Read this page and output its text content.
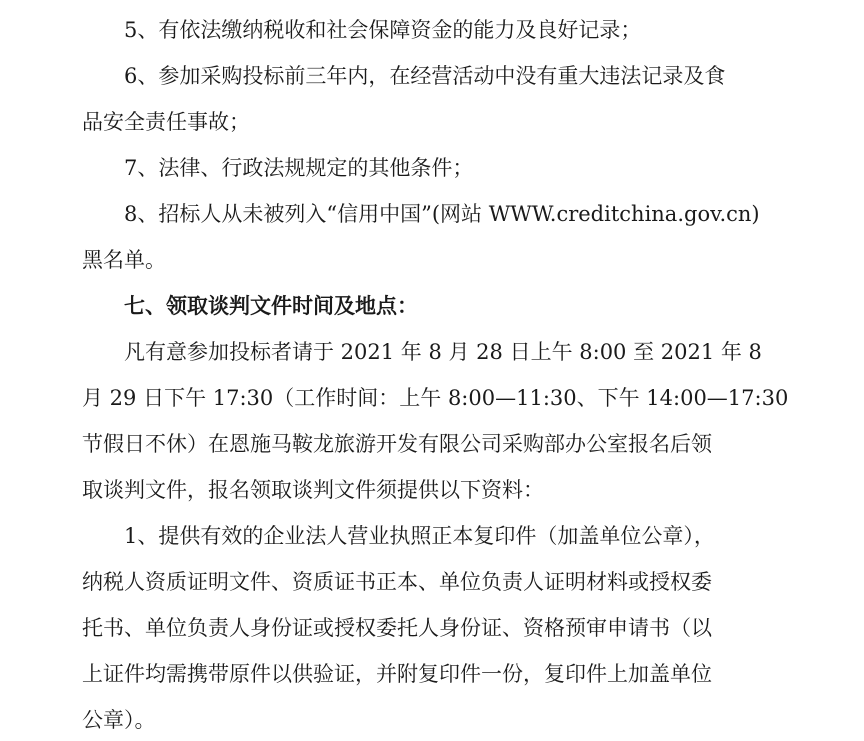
5、有依法缴纳税收和社会保障资金的能力及良好记录；
6、参加采购投标前三年内，在经营活动中没有重大违法记录及食
品安全责任事故；
7、法律、行政法规规定的其他条件；
8、招标人从未被列入“信用中国”(网站 WWW.creditchina.gov.cn)
黑名单。
七、领取谈判文件时间及地点：
凡有意参加投标者请于 2021 年 8 月 28 日上午 8:00 至 2021 年 8
月 29 日下午 17:30（工作时间：上午 8:00—11:30、下午 14:00—17:30
节假日不休）在恩施马鞍龙旅游开发有限公司采购部办公室报名后领
取谈判文件，报名领取谈判文件须提供以下资料：
1、提供有效的企业法人营业执照正本复印件（加盖单位公章），
纳税人资质证明文件、资质证书正本、单位负责人证明材料或授权委
托书、单位负责人身份证或授权委托人身份证、资格预审申请书（以
上证件均需携带原件以供验证，并附复印件一份，复印件上加盖单位
公章）。
